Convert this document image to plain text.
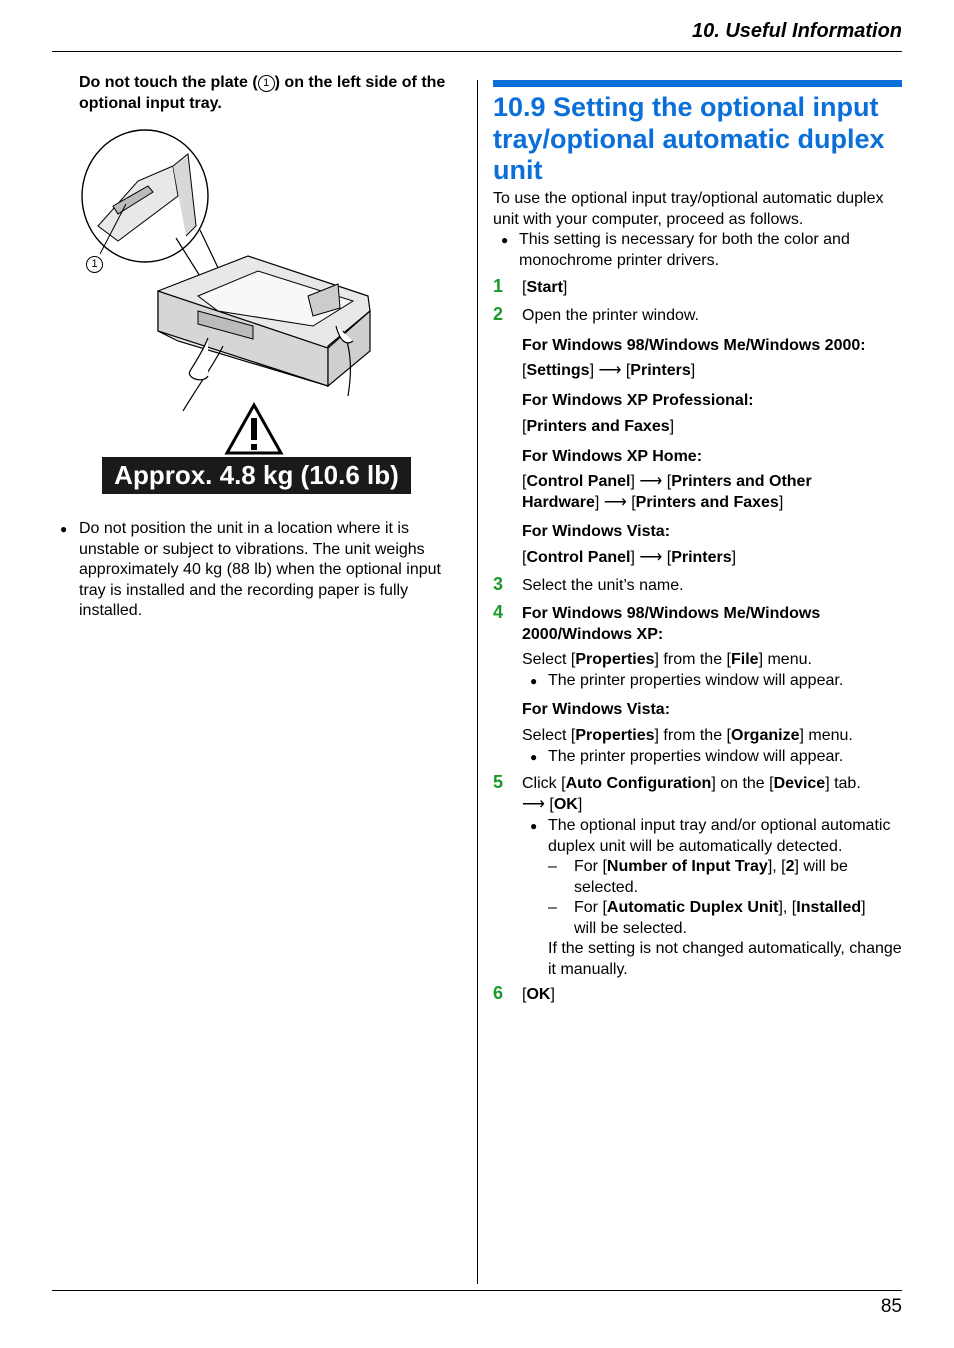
10. Useful Information
Do not touch the plate ( 1 ) on the left side of the optional input tray.
1
Approx. 4.8 kg (10.6 lb)
● Do not position the unit in a location where it is unstable or subject to vibrations. The unit weighs approximately 40 kg (88 lb) when the optional input tray is installed and the recording paper is fully installed.
10.9 Setting the optional input tray/optional automatic duplex unit
To use the optional input tray/optional automatic duplex unit with your computer, proceed as follows.
● This setting is necessary for both the color and monochrome printer drivers.
1 [Start]
2 Open the printer window.
For Windows 98/Windows Me/Windows 2000:
[Settings] ⟶ [Printers]
For Windows XP Professional:
[Printers and Faxes]
For Windows XP Home:
[Control Panel] ⟶ [Printers and Other
Hardware] ⟶ [Printers and Faxes]
For Windows Vista:
[Control Panel] ⟶ [Printers]
3 Select the unit’s name.
4 For Windows 98/Windows Me/Windows 2000/Windows XP:
Select [Properties] from the [File] menu.
● The printer properties window will appear.
For Windows Vista:
Select [Properties] from the [Organize] menu.
● The printer properties window will appear.
5 Click [Auto Configuration] on the [Device] tab.
⟶ [OK]
● The optional input tray and/or optional automatic duplex unit will be automatically detected.
– For [Number of Input Tray], [2] will be selected.
– For [Automatic Duplex Unit], [Installed]
will be selected.
If the setting is not changed automatically, change it manually.
6 [OK]
85
